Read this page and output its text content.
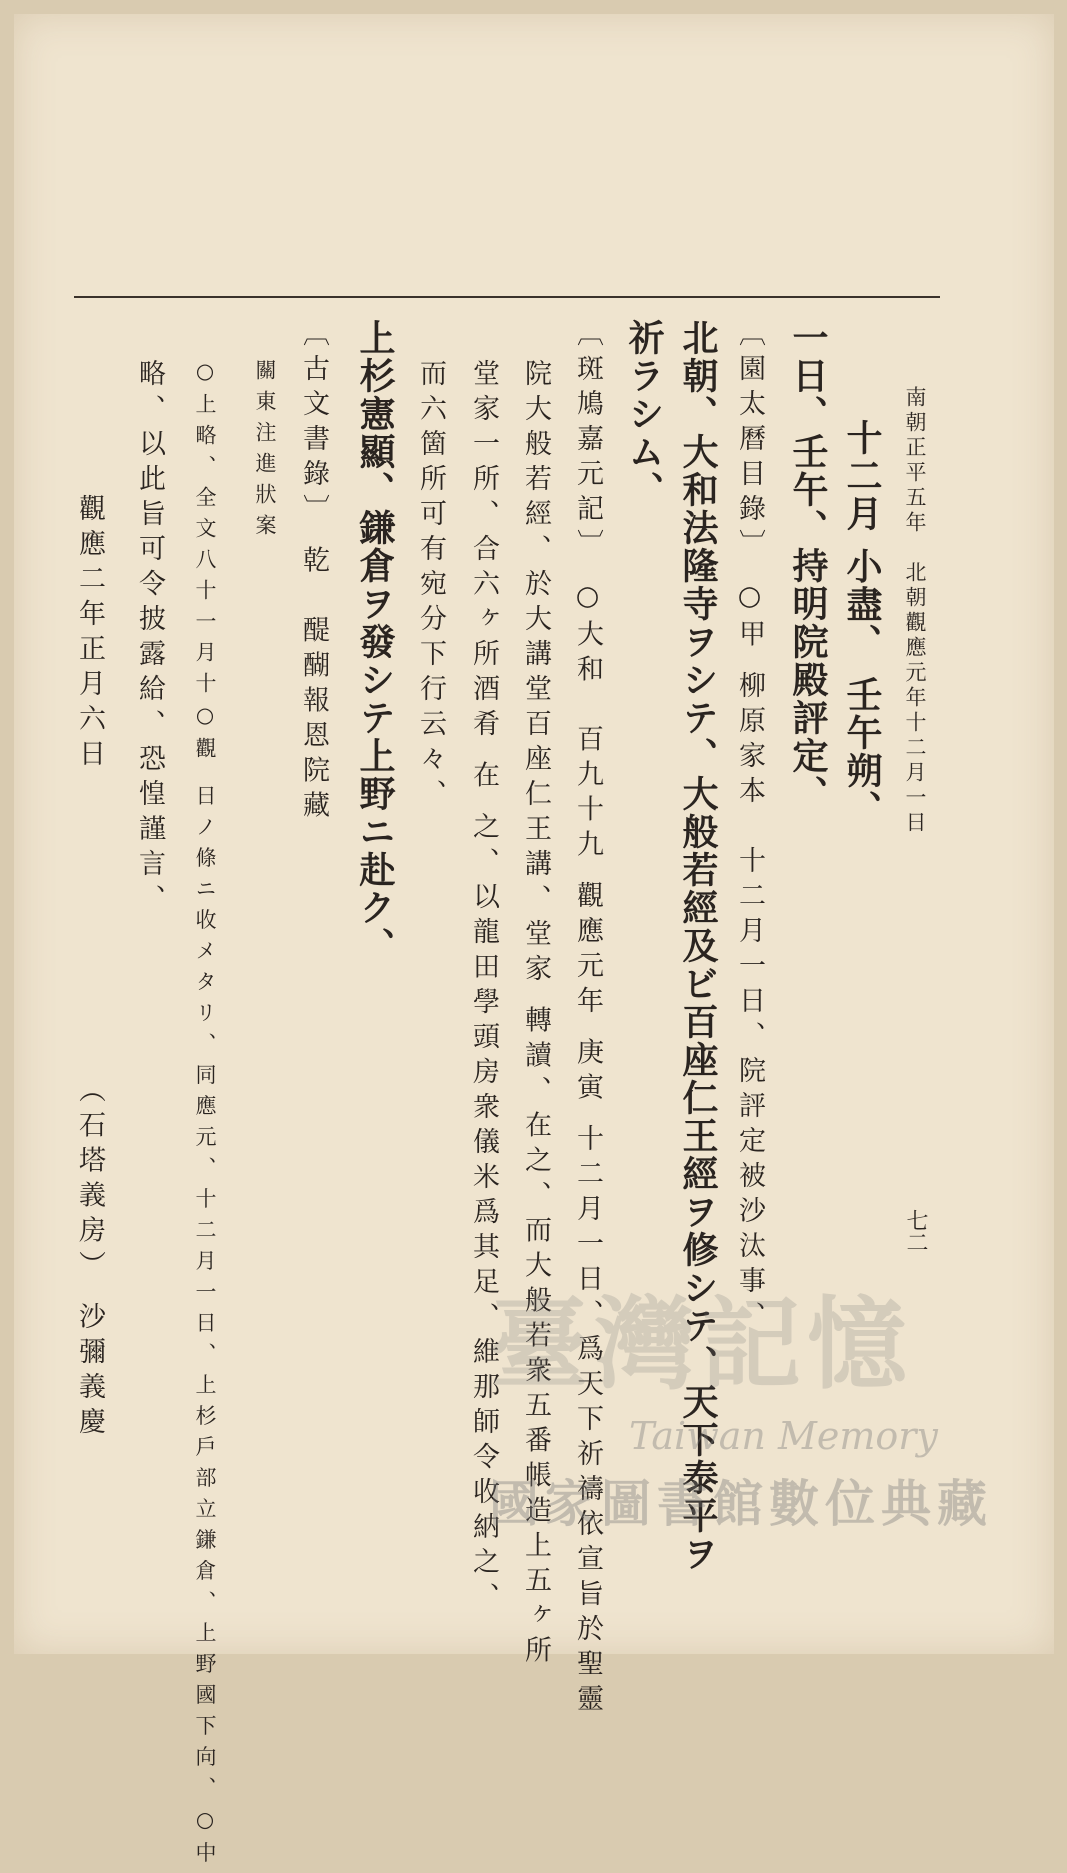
南朝正平五年　北朝觀應元年十二月一日
七二
十二月 小盡、 壬午朔、
一日、壬午、持明院殿評定、
〔園太曆目錄〕 ○甲 柳原家本　十二月一日、院評定被沙汰事、
北朝、大和法隆寺ヲシテ、大般若經及ビ百座仁王經ヲ修シテ、天下泰平ヲ
祈ラシム、
〔斑鳩嘉元記〕 ○大和　百九十九 觀應元年 庚寅 十二月一日、爲天下祈禱依宣旨於聖靈
院大般若經、於大講堂百座仁王講、堂家 轉讀、在之、而大般若衆五番帳造上五ヶ所
堂家一所、合六ヶ所酒肴 在 之、以龍田學頭房衆儀米爲其足、維那師令收納之、
而六箇所可有宛分下行云々、
上杉憲顯、鎌倉ヲ發シテ上野ニ赴ク、
〔古文書錄〕 乾　醍醐報恩院藏
關東注進狀案
○上略、全文八十一月十○觀 日ノ條ニ收メタリ、同應元、十二月一日、上杉戶部立鎌倉、上野國下向、○中
略、以此旨可令披露給、恐惶謹言、
觀應二年正月六日　　　　　　　　　（石塔義房） 沙彌義慶	臺灣記憶
Taiwan Memory
國家圖書館數位典藏
